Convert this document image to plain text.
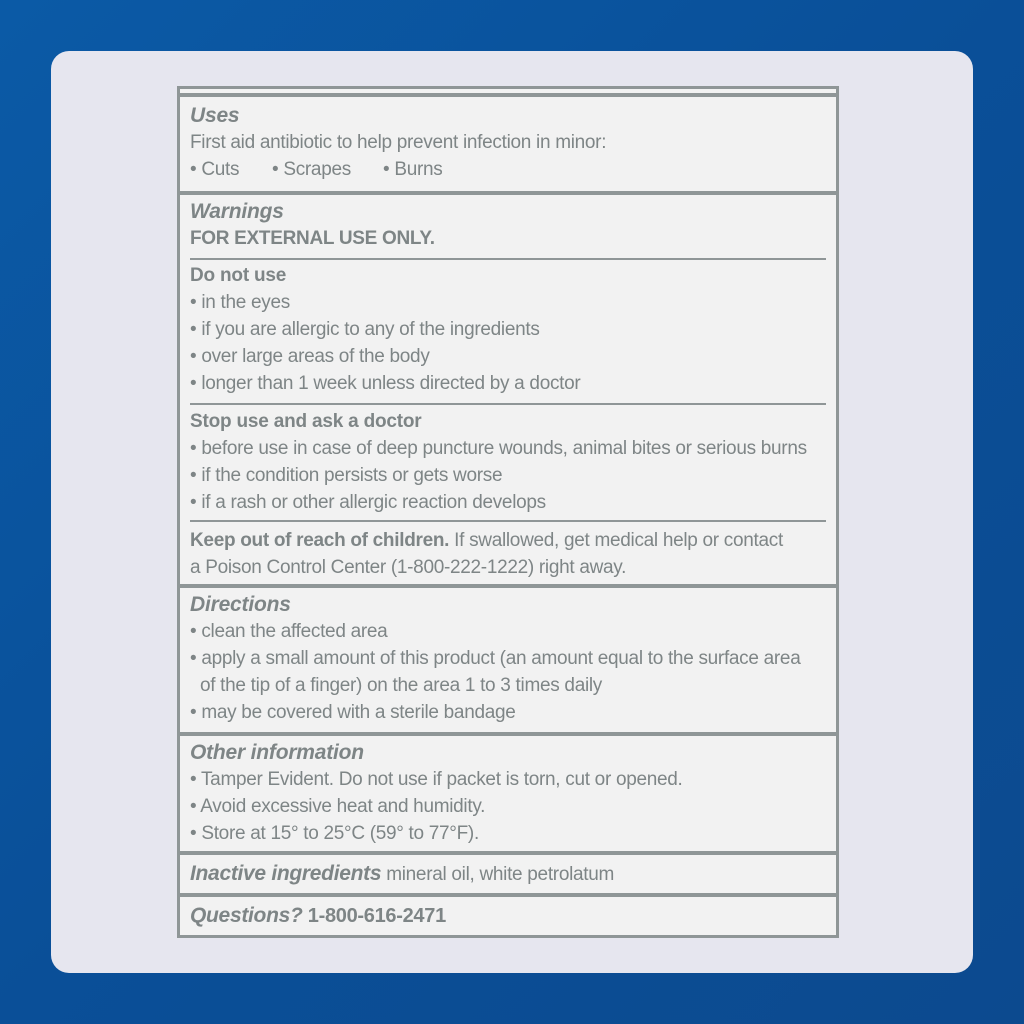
Uses
First aid antibiotic to help prevent infection in minor:
• Cuts • Scrapes • Burns
Warnings
FOR EXTERNAL USE ONLY.
Do not use
• in the eyes
• if you are allergic to any of the ingredients
• over large areas of the body
• longer than 1 week unless directed by a doctor
Stop use and ask a doctor
• before use in case of deep puncture wounds, animal bites or serious burns
• if the condition persists or gets worse
• if a rash or other allergic reaction develops
Keep out of reach of children. If swallowed, get medical help or contact
a Poison Control Center (1-800-222-1222) right away.
Directions
• clean the affected area
• apply a small amount of this product (an amount equal to the surface area
of the tip of a finger) on the area 1 to 3 times daily
• may be covered with a sterile bandage
Other information
• Tamper Evident. Do not use if packet is torn, cut or opened.
• Avoid excessive heat and humidity.
• Store at 15° to 25°C (59° to 77°F).
Inactive ingredients mineral oil, white petrolatum
Questions? 1-800-616-2471
